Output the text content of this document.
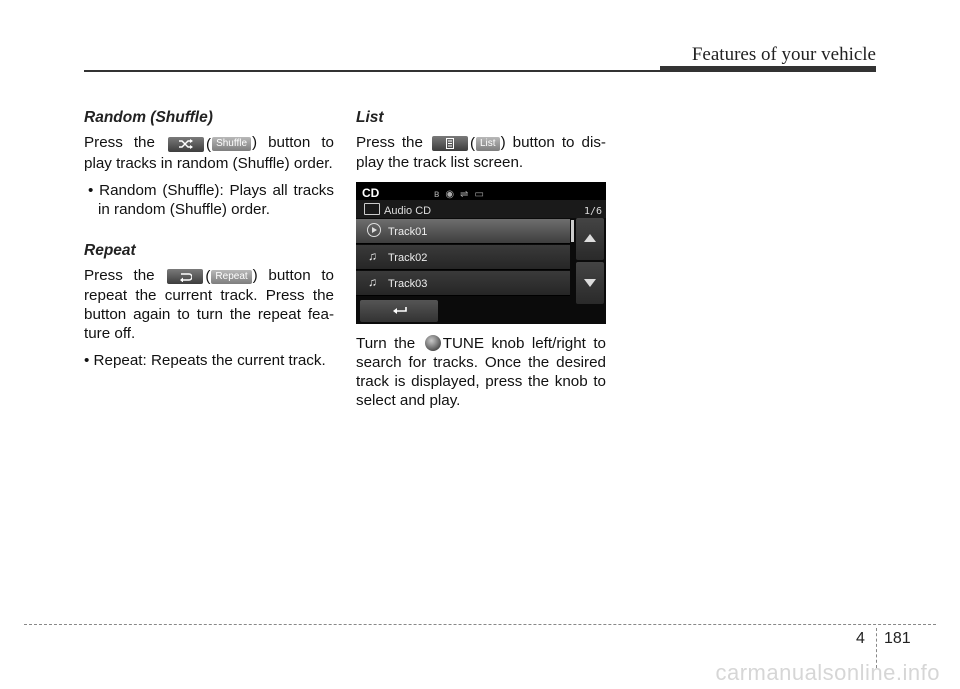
Features of your vehicle
Random (Shuffle)

Press the	( Shuffle ) button to play tracks in random (Shuffle) order.

• Random (Shuffle): Plays all tracks in random (Shuffle) order.

Repeat

Press the	( Repeat ) button to repeat the current track. Press the button again to turn the repeat fea-ture off.

• Repeat: Repeats the current track.

List

Press the	( List ) button to dis-play the track list screen.

CD	ʙ◉⇌▭
Audio CD	1/6
Track01
♫ Track02
♫ Track03

Turn the TUNE knob left/right to search for tracks. Once the desired track is displayed, press the knob to select and play.

4 181
carmanualsonline.info
